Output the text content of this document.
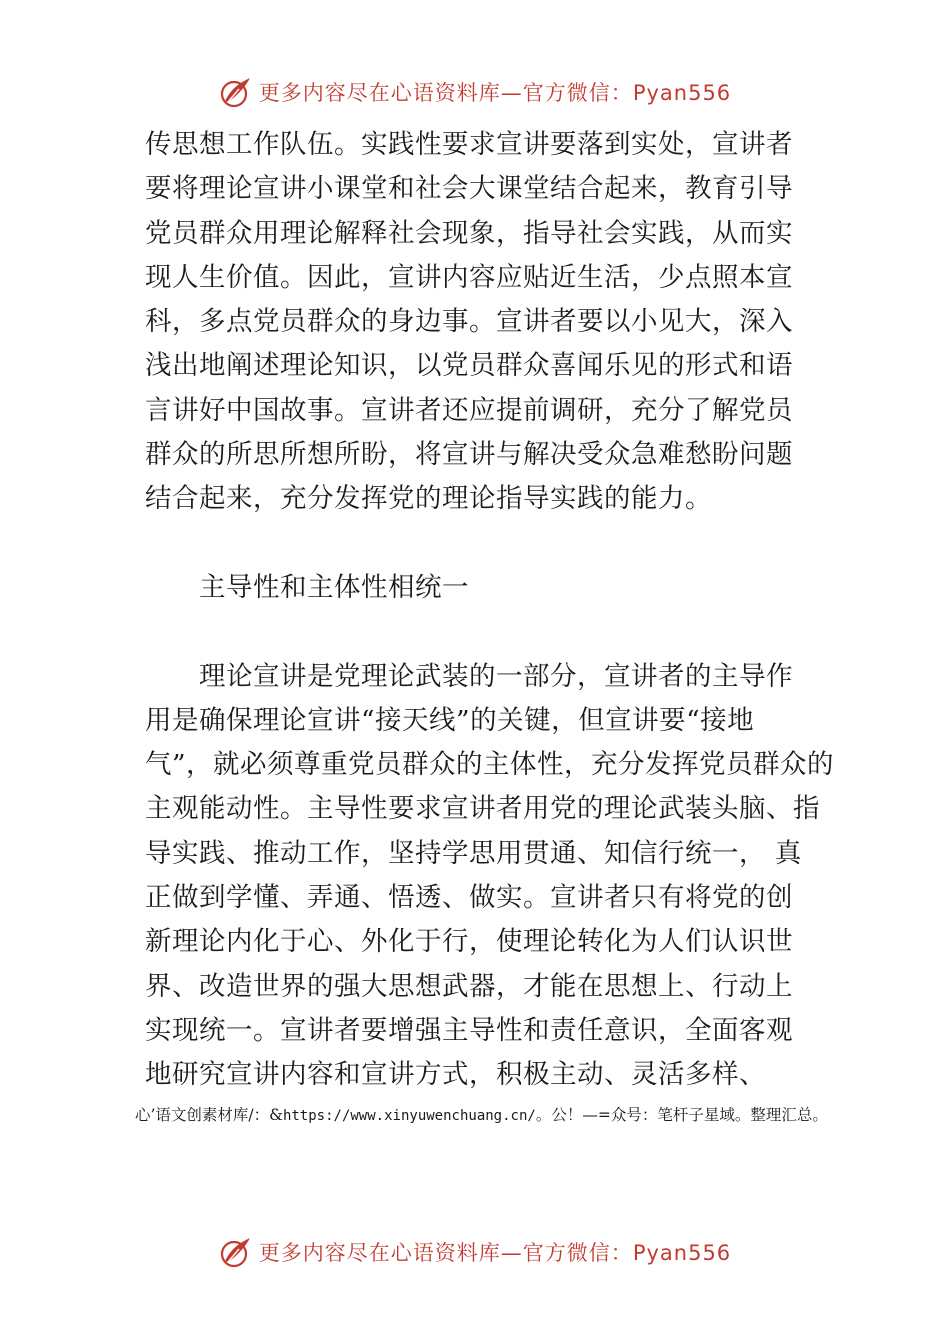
更多内容尽在心语资料库—官方微信：Pyan556
传思想工作队伍。实践性要求宣讲要落到实处，宣讲者
要将理论宣讲小课堂和社会大课堂结合起来，教育引导
党员群众用理论解释社会现象，指导社会实践，从而实
现人生价值。因此，宣讲内容应贴近生活，少点照本宣
科，多点党员群众的身边事。宣讲者要以小见大，深入
浅出地阐述理论知识，以党员群众喜闻乐见的形式和语
言讲好中国故事。宣讲者还应提前调研，充分了解党员
群众的所思所想所盼，将宣讲与解决受众急难愁盼问题
结合起来，充分发挥党的理论指导实践的能力。
主导性和主体性相统一
理论宣讲是党理论武装的一部分，宣讲者的主导作
用是确保理论宣讲“接天线”的关键，但宣讲要“接地
气”，就必须尊重党员群众的主体性，充分发挥党员群众的
主观能动性。主导性要求宣讲者用党的理论武装头脑、指
导实践、推动工作，坚持学思用贯通、知信行统一， 真
正做到学懂、弄通、悟透、做实。宣讲者只有将党的创
新理论内化于心、外化于行，使理论转化为人们认识世
界、改造世界的强大思想武器，才能在思想上、行动上
实现统一。宣讲者要增强主导性和责任意识，全面客观
地研究宣讲内容和宣讲方式，积极主动、灵活多样、
心’语文创素材库/：&https://www.xinyuwenchuang.cn/。公！—=众号：笔杆子星域。整理汇总。
更多内容尽在心语资料库—官方微信：Pyan556
